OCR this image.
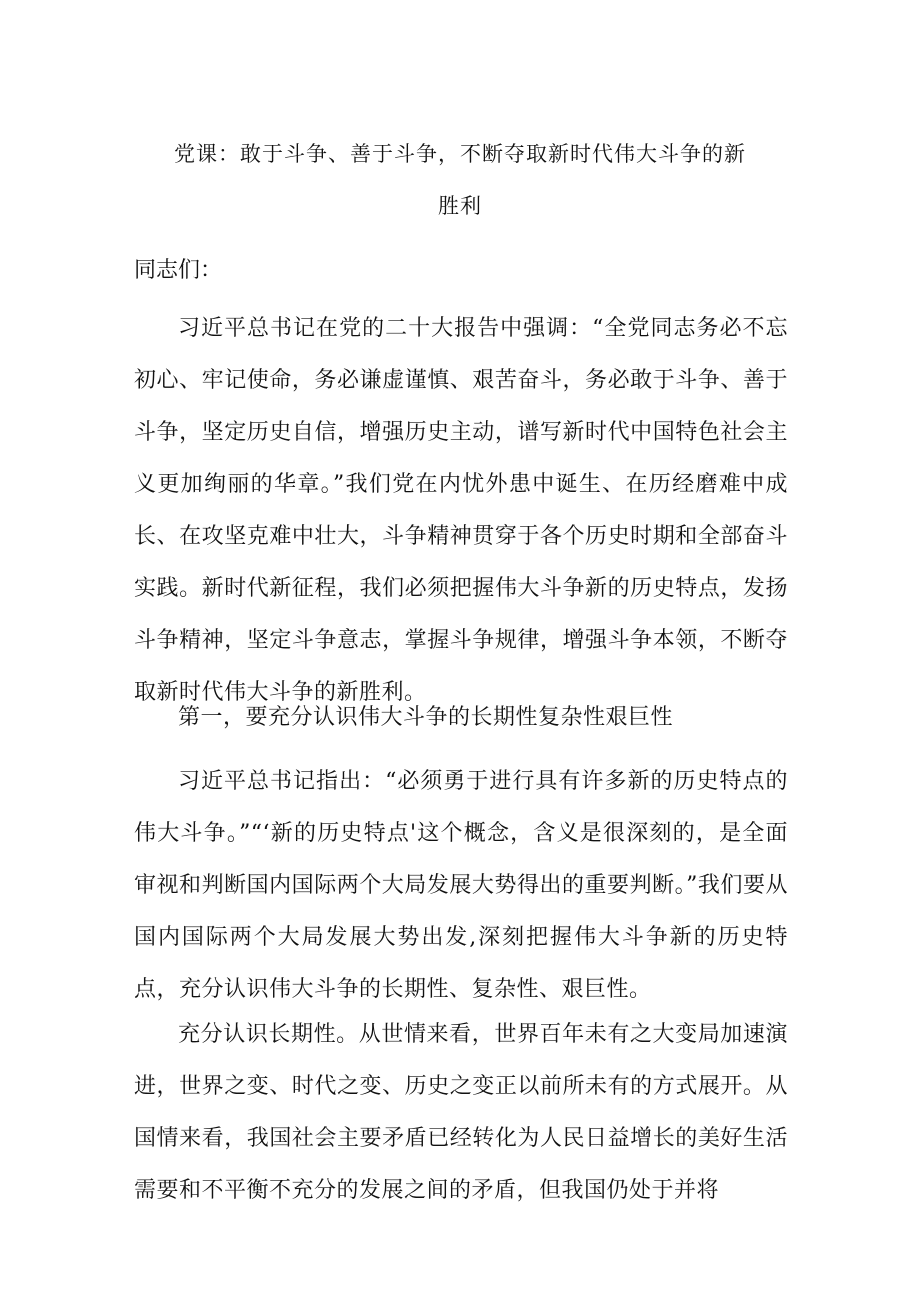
党课：敢于斗争、善于斗争，不断夺取新时代伟大斗争的新
胜利

同志们：

习近平总书记在党的二十大报告中强调：“全党同志务必不忘初心、牢记使命，务必谦虚谨慎、艰苦奋斗，务必敢于斗争、善于斗争，坚定历史自信，增强历史主动，谱写新时代中国特色社会主义更加绚丽的华章。”我们党在内忧外患中诞生、在历经磨难中成长、在攻坚克难中壮大，斗争精神贯穿于各个历史时期和全部奋斗实践。新时代新征程，我们必须把握伟大斗争新的历史特点，发扬斗争精神，坚定斗争意志，掌握斗争规律，增强斗争本领，不断夺取新时代伟大斗争的新胜利。

第一，要充分认识伟大斗争的长期性复杂性艰巨性

习近平总书记指出：“必须勇于进行具有许多新的历史特点的伟大斗争。”“‘新的历史特点'这个概念，含义是很深刻的，是全面审视和判断国内国际两个大局发展大势得出的重要判断。”我们要从国内国际两个大局发展大势出发,深刻把握伟大斗争新的历史特点，充分认识伟大斗争的长期性、复杂性、艰巨性。

充分认识长期性。从世情来看，世界百年未有之大变局加速演进，世界之变、时代之变、历史之变正以前所未有的方式展开。从国情来看，我国社会主要矛盾已经转化为人民日益增长的美好生活需要和不平衡不充分的发展之间的矛盾，但我国仍处于并将
